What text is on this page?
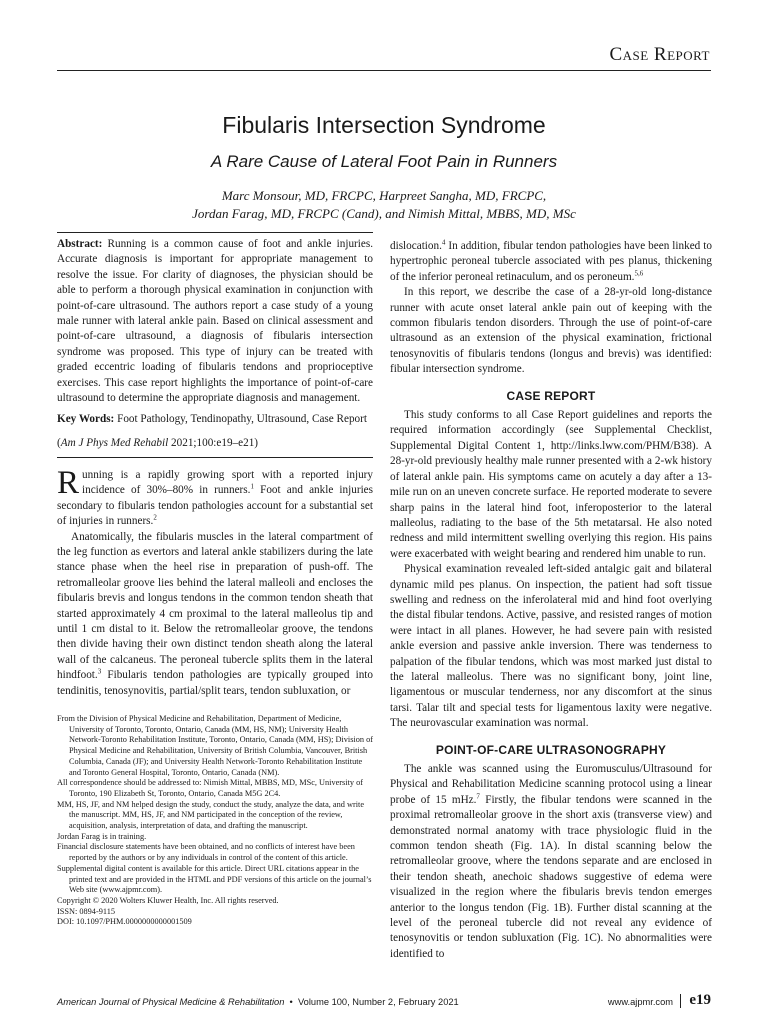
Case Report
Fibularis Intersection Syndrome
A Rare Cause of Lateral Foot Pain in Runners
Marc Monsour, MD, FRCPC, Harpreet Sangha, MD, FRCPC,
Jordan Farag, MD, FRCPC (Cand), and Nimish Mittal, MBBS, MD, MSc

Abstract: Running is a common cause of foot and ankle injuries. Accurate diagnosis is important for appropriate management to resolve the issue. For clarity of diagnoses, the physician should be able to perform a thorough physical examination in conjunction with point-of-care ultrasound. The authors report a case study of a young male runner with lateral ankle pain. Based on clinical assessment and point-of-care ultrasound, a diagnosis of fibularis intersection syndrome was proposed. This type of injury can be treated with graded eccentric loading of fibularis tendons and proprioceptive exercises. This case report highlights the importance of point-of-care ultrasound to determine the appropriate diagnosis and management.

Key Words: Foot Pathology, Tendinopathy, Ultrasound, Case Report

(Am J Phys Med Rehabil 2021;100:e19–e21)

Running is a rapidly growing sport with a reported injury incidence of 30%–80% in runners.$^1$ Foot and ankle injuries secondary to fibularis tendon pathologies account for a substantial set of injuries in runners.$^2$

Anatomically, the fibularis muscles in the lateral compartment of the leg function as evertors and lateral ankle stabilizers during the late stance phase when the heel rise in preparation of push-off. The retromalleolar groove lies behind the lateral malleoli and encloses the fibularis brevis and longus tendons in the common tendon sheath that started approximately 4 cm proximal to the lateral malleolus tip and until 1 cm distal to it. Below the retromalleolar groove, the tendons then divide having their own distinct tendon sheath along the lateral wall of the calcaneus. The peroneal tubercle splits them in the lateral hindfoot.$^3$ Fibularis tendon pathologies are typically grouped into tendinitis, tenosynovitis, partial/split tears, tendon subluxation, or

From the Division of Physical Medicine and Rehabilitation, Department of Medicine, University of Toronto, Toronto, Ontario, Canada (MM, HS, NM); University Health Network-Toronto Rehabilitation Institute, Toronto, Ontario, Canada (MM, HS); Division of Physical Medicine and Rehabilitation, University of British Columbia, Vancouver, British Columbia, Canada (JF); and University Health Network-Toronto Rehabilitation Institute and Toronto General Hospital, Toronto, Ontario, Canada (NM).

All correspondence should be addressed to: Nimish Mittal, MBBS, MD, MSc, University of Toronto, 190 Elizabeth St, Toronto, Ontario, Canada M5G 2C4.

MM, HS, JF, and NM helped design the study, conduct the study, analyze the data, and write the manuscript. MM, HS, JF, and NM participated in the conception of the review, acquisition, analysis, interpretation of data, and drafting the manuscript.

Jordan Farag is in training.

Financial disclosure statements have been obtained, and no conflicts of interest have been reported by the authors or by any individuals in control of the content of this article.

Supplemental digital content is available for this article. Direct URL citations appear in the printed text and are provided in the HTML and PDF versions of this article on the journal’s Web site (www.ajpmr.com).

Copyright © 2020 Wolters Kluwer Health, Inc. All rights reserved.

ISSN: 0894-9115

DOI: 10.1097/PHM.0000000000001509

dislocation.$^4$ In addition, fibular tendon pathologies have been linked to hypertrophic peroneal tubercle associated with pes planus, thickening of the inferior peroneal retinaculum, and os peroneum.$^{5,6}$

In this report, we describe the case of a 28-yr-old long-distance runner with acute onset lateral ankle pain out of keeping with the common fibularis tendon disorders. Through the use of point-of-care ultrasound as an extension of the physical examination, frictional tenosynovitis of fibularis tendons (longus and brevis) was identified: fibular intersection syndrome.

CASE REPORT

This study conforms to all Case Report guidelines and reports the required information accordingly (see Supplemental Checklist, Supplemental Digital Content 1, http://links.lww.com/PHM/B38). A 28-yr-old previously healthy male runner presented with a 2-wk history of lateral ankle pain. His symptoms came on acutely a day after a 13-mile run on an uneven concrete surface. He reported moderate to severe sharp pains in the lateral hind foot, inferoposterior to the lateral malleolus, radiating to the base of the 5th metatarsal. He also noted redness and mild intermittent swelling overlying this region. His pains were exacerbated with weight bearing and rendered him unable to run.

Physical examination revealed left-sided antalgic gait and bilateral dynamic mild pes planus. On inspection, the patient had soft tissue swelling and redness on the inferolateral mid and hind foot overlying the distal fibular tendons. Active, passive, and resisted ranges of motion were intact in all planes. However, he had severe pain with resisted ankle eversion and passive ankle inversion. There was tenderness to palpation of the fibular tendons, which was most marked just distal to the lateral malleolus. There was no significant bony, joint line, ligamentous or muscular tenderness, nor any discomfort at the sinus tarsi. Talar tilt and special tests for ligamentous laxity were negative. The neurovascular examination was normal.

POINT-OF-CARE ULTRASONOGRAPHY

The ankle was scanned using the Euromusculus/Ultrasound for Physical and Rehabilitation Medicine scanning protocol using a linear probe of 15 mHz.$^7$ Firstly, the fibular tendons were scanned in the proximal retromalleolar groove in the short axis (transverse view) and demonstrated normal anatomy with trace physiologic fluid in the common tendon sheath (Fig. 1A). In distal scanning below the retromalleolar groove, where the tendons separate and are enclosed in their tendon sheath, anechoic shadows suggestive of edema were visualized in the region where the fibularis brevis tendon emerges anterior to the longus tendon (Fig. 1B). Further distal scanning at the level of the peroneal tubercle did not reveal any evidence of tenosynovitis or tendon subluxation (Fig. 1C). No abnormalities were identified to

American Journal of Physical Medicine & Rehabilitation • Volume 100, Number 2, February 2021	www.ajpmr.com e19
